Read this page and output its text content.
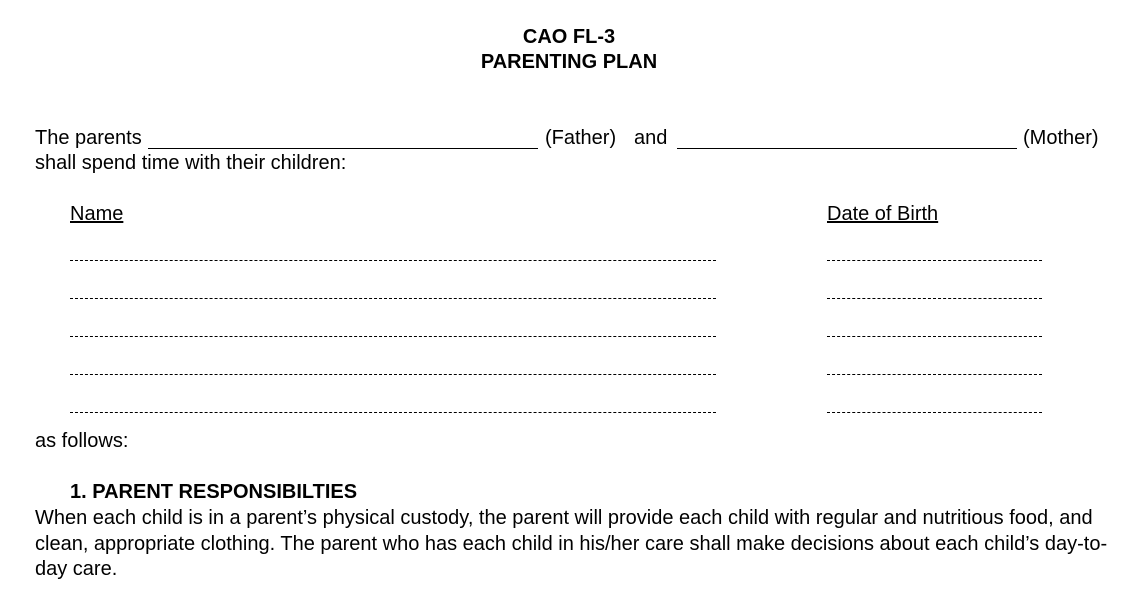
CAO FL-3
PARENTING PLAN
The parents	(Father) and	(Mother)
shall spend time with their children:
Name	Date of Birth
as follows:
1. PARENT RESPONSIBILTIES
When each child is in a parent’s physical custody, the parent will provide each child with regular and nutritious food, and clean, appropriate clothing. The parent who has each child in his/her care shall make decisions about each child’s day-to-day care.
